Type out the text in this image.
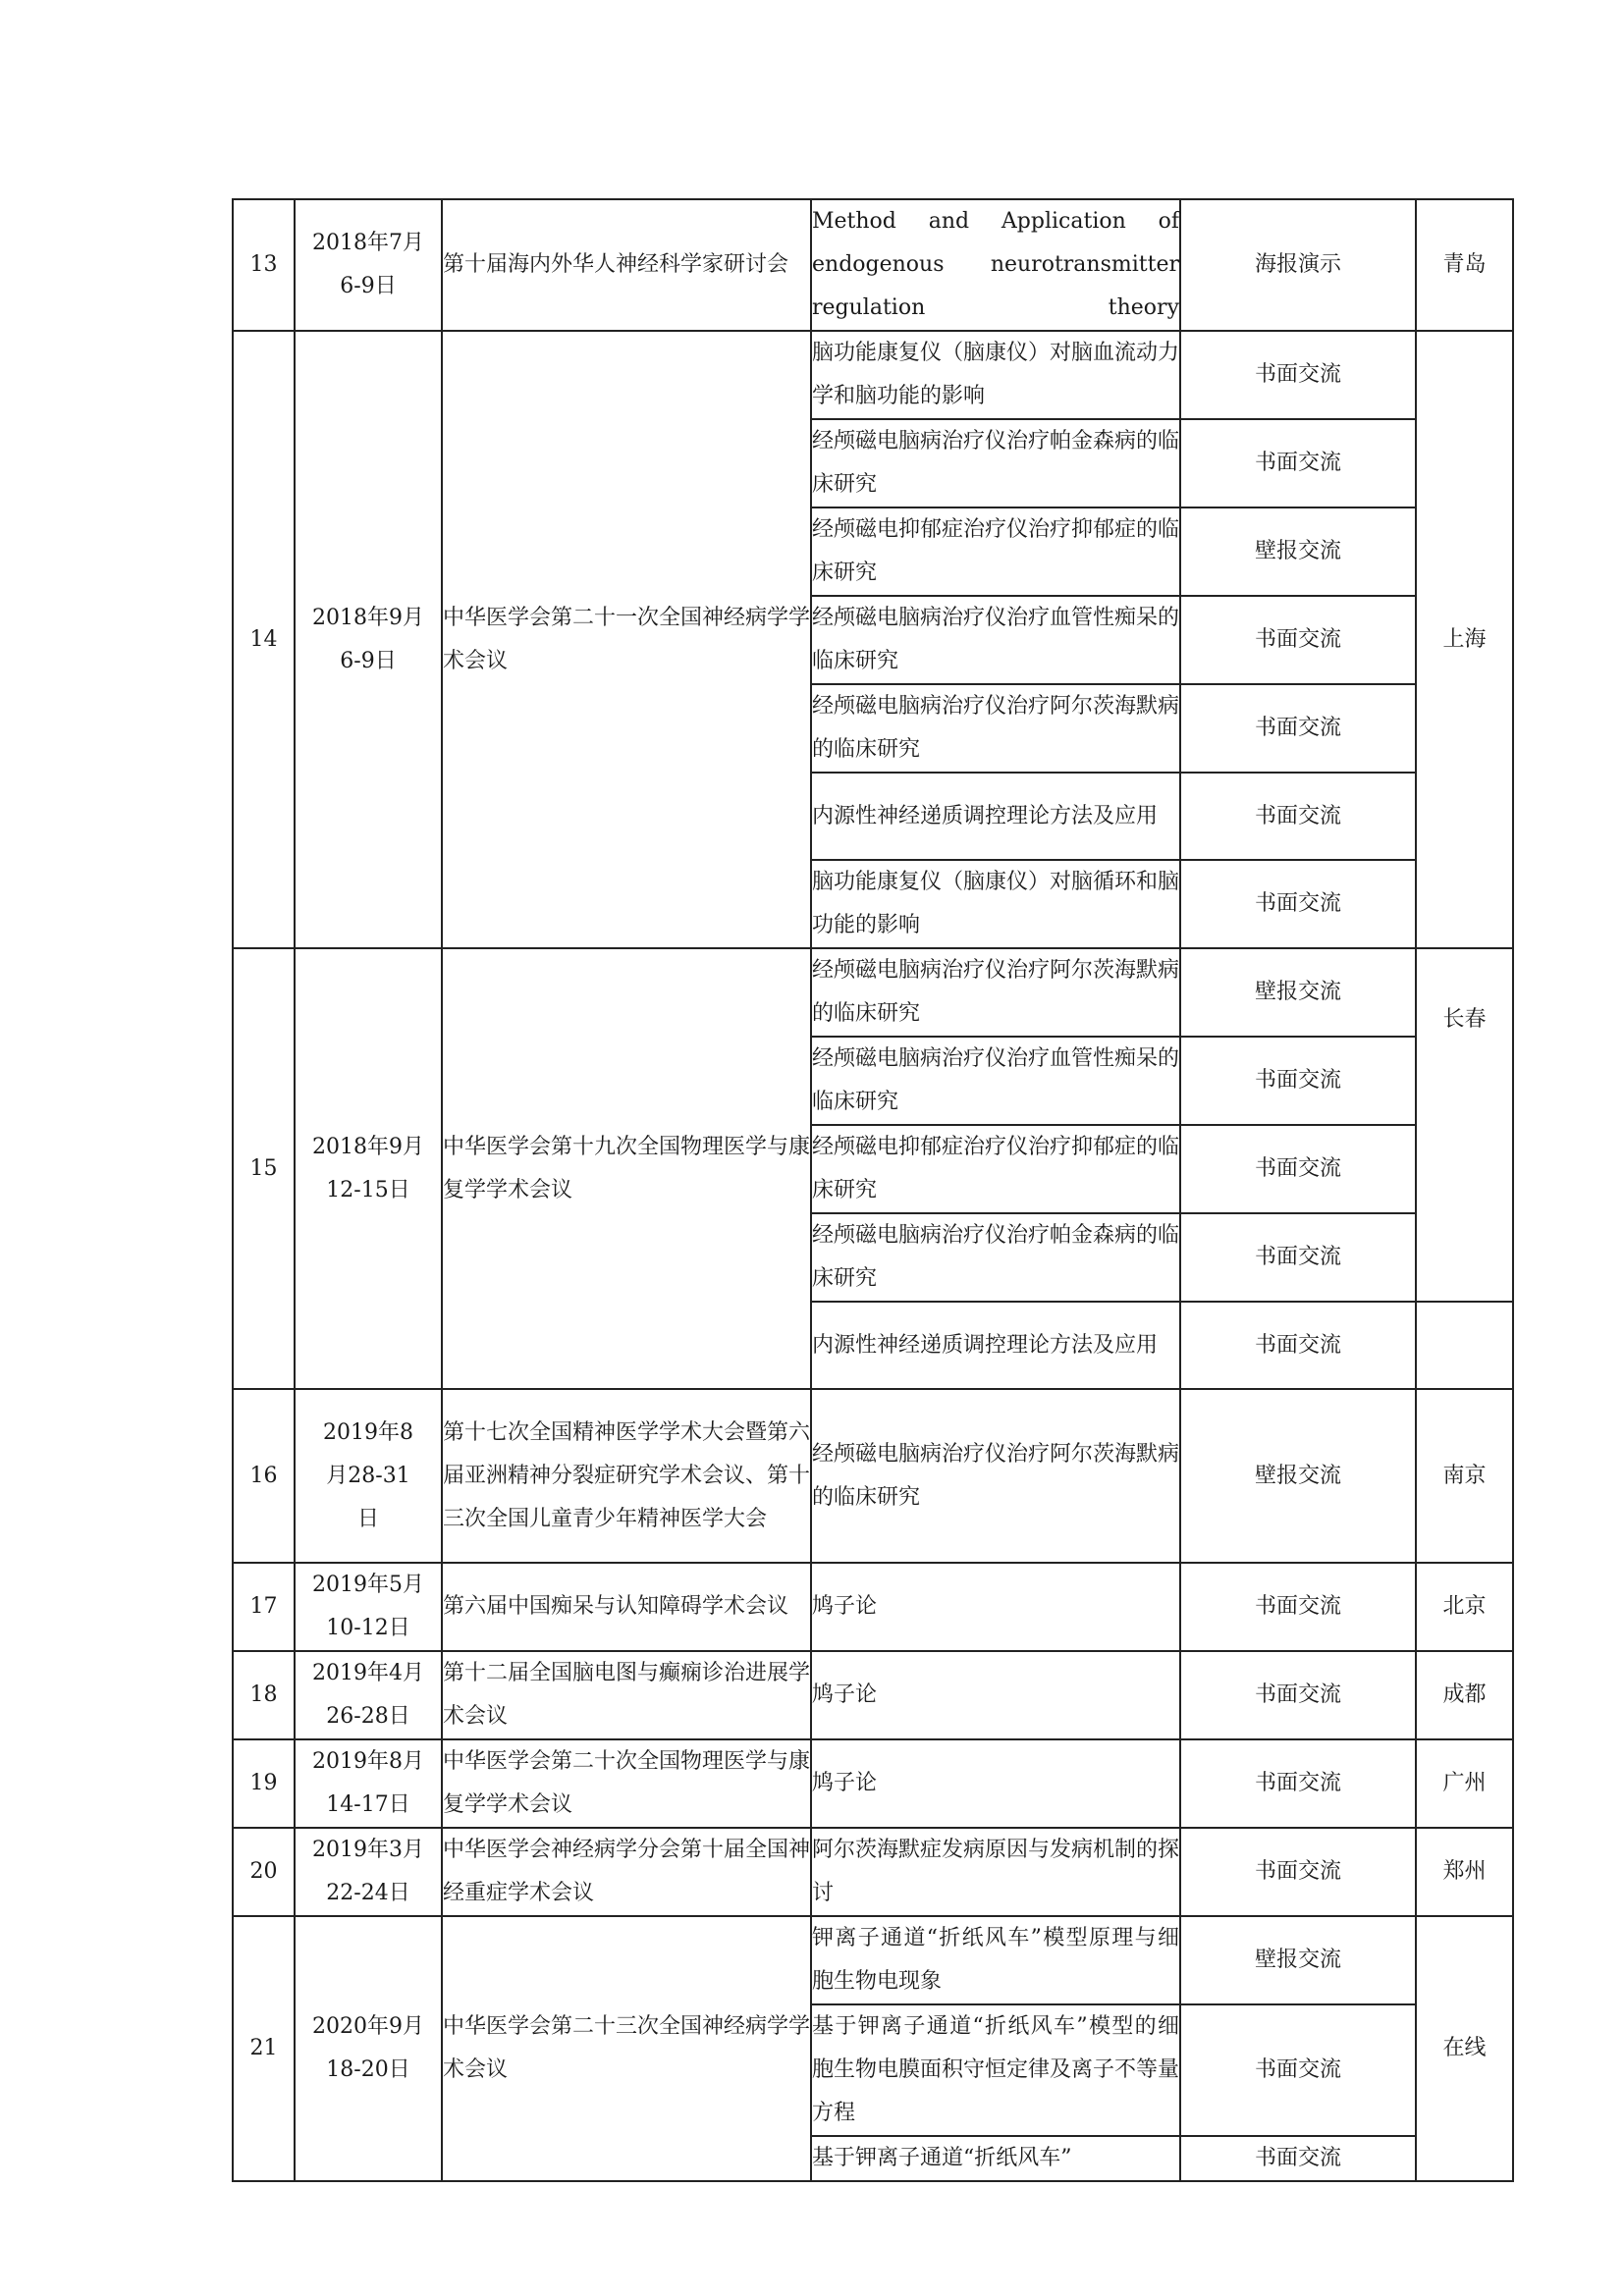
13	2018年7月6-9日	第十届海内外华人神经科学家研讨会	Method and Application of endogenous neurotransmitter regulation theory	海报演示	青岛
14	2018年9月6-9日	中华医学会第二十一次全国神经病学学术会议	脑功能康复仪（脑康仪）对脑血流动力学和脑功能的影响	书面交流	上海
			经颅磁电脑病治疗仪治疗帕金森病的临床研究	书面交流	
			经颅磁电抑郁症治疗仪治疗抑郁症的临床研究	壁报交流	
			经颅磁电脑病治疗仪治疗血管性痴呆的临床研究	书面交流	
			经颅磁电脑病治疗仪治疗阿尔茨海默病的临床研究	书面交流	
			内源性神经递质调控理论方法及应用	书面交流	
			脑功能康复仪（脑康仪）对脑循环和脑功能的影响	书面交流	
15	2018年9月12-15日	中华医学会第十九次全国物理医学与康复学学术会议	经颅磁电脑病治疗仪治疗阿尔茨海默病的临床研究	壁报交流	长春
			经颅磁电脑病治疗仪治疗血管性痴呆的临床研究	书面交流	
			经颅磁电抑郁症治疗仪治疗抑郁症的临床研究	书面交流	
			经颅磁电脑病治疗仪治疗帕金森病的临床研究	书面交流	
			内源性神经递质调控理论方法及应用	书面交流	
16	2019年8月28-31日	第十七次全国精神医学学术大会暨第六届亚洲精神分裂症研究学术会议、第十三次全国儿童青少年精神医学大会	经颅磁电脑病治疗仪治疗阿尔茨海默病的临床研究	壁报交流	南京
17	2019年5月10-12日	第六届中国痴呆与认知障碍学术会议	鸠子论	书面交流	北京
18	2019年4月26-28日	第十二届全国脑电图与癫痫诊治进展学术会议	鸠子论	书面交流	成都
19	2019年8月14-17日	中华医学会第二十次全国物理医学与康复学学术会议	鸠子论	书面交流	广州
20	2019年3月22-24日	中华医学会神经病学分会第十届全国神经重症学术会议	阿尔茨海默症发病原因与发病机制的探讨	书面交流	郑州
21	2020年9月18-20日	中华医学会第二十三次全国神经病学学术会议	钾离子通道“折纸风车”模型原理与细胞生物电现象	壁报交流	在线
			基于钾离子通道“折纸风车”模型的细胞生物电膜面积守恒定律及离子不等量方程	书面交流	
			基于钾离子通道“折纸风车”	书面交流	
